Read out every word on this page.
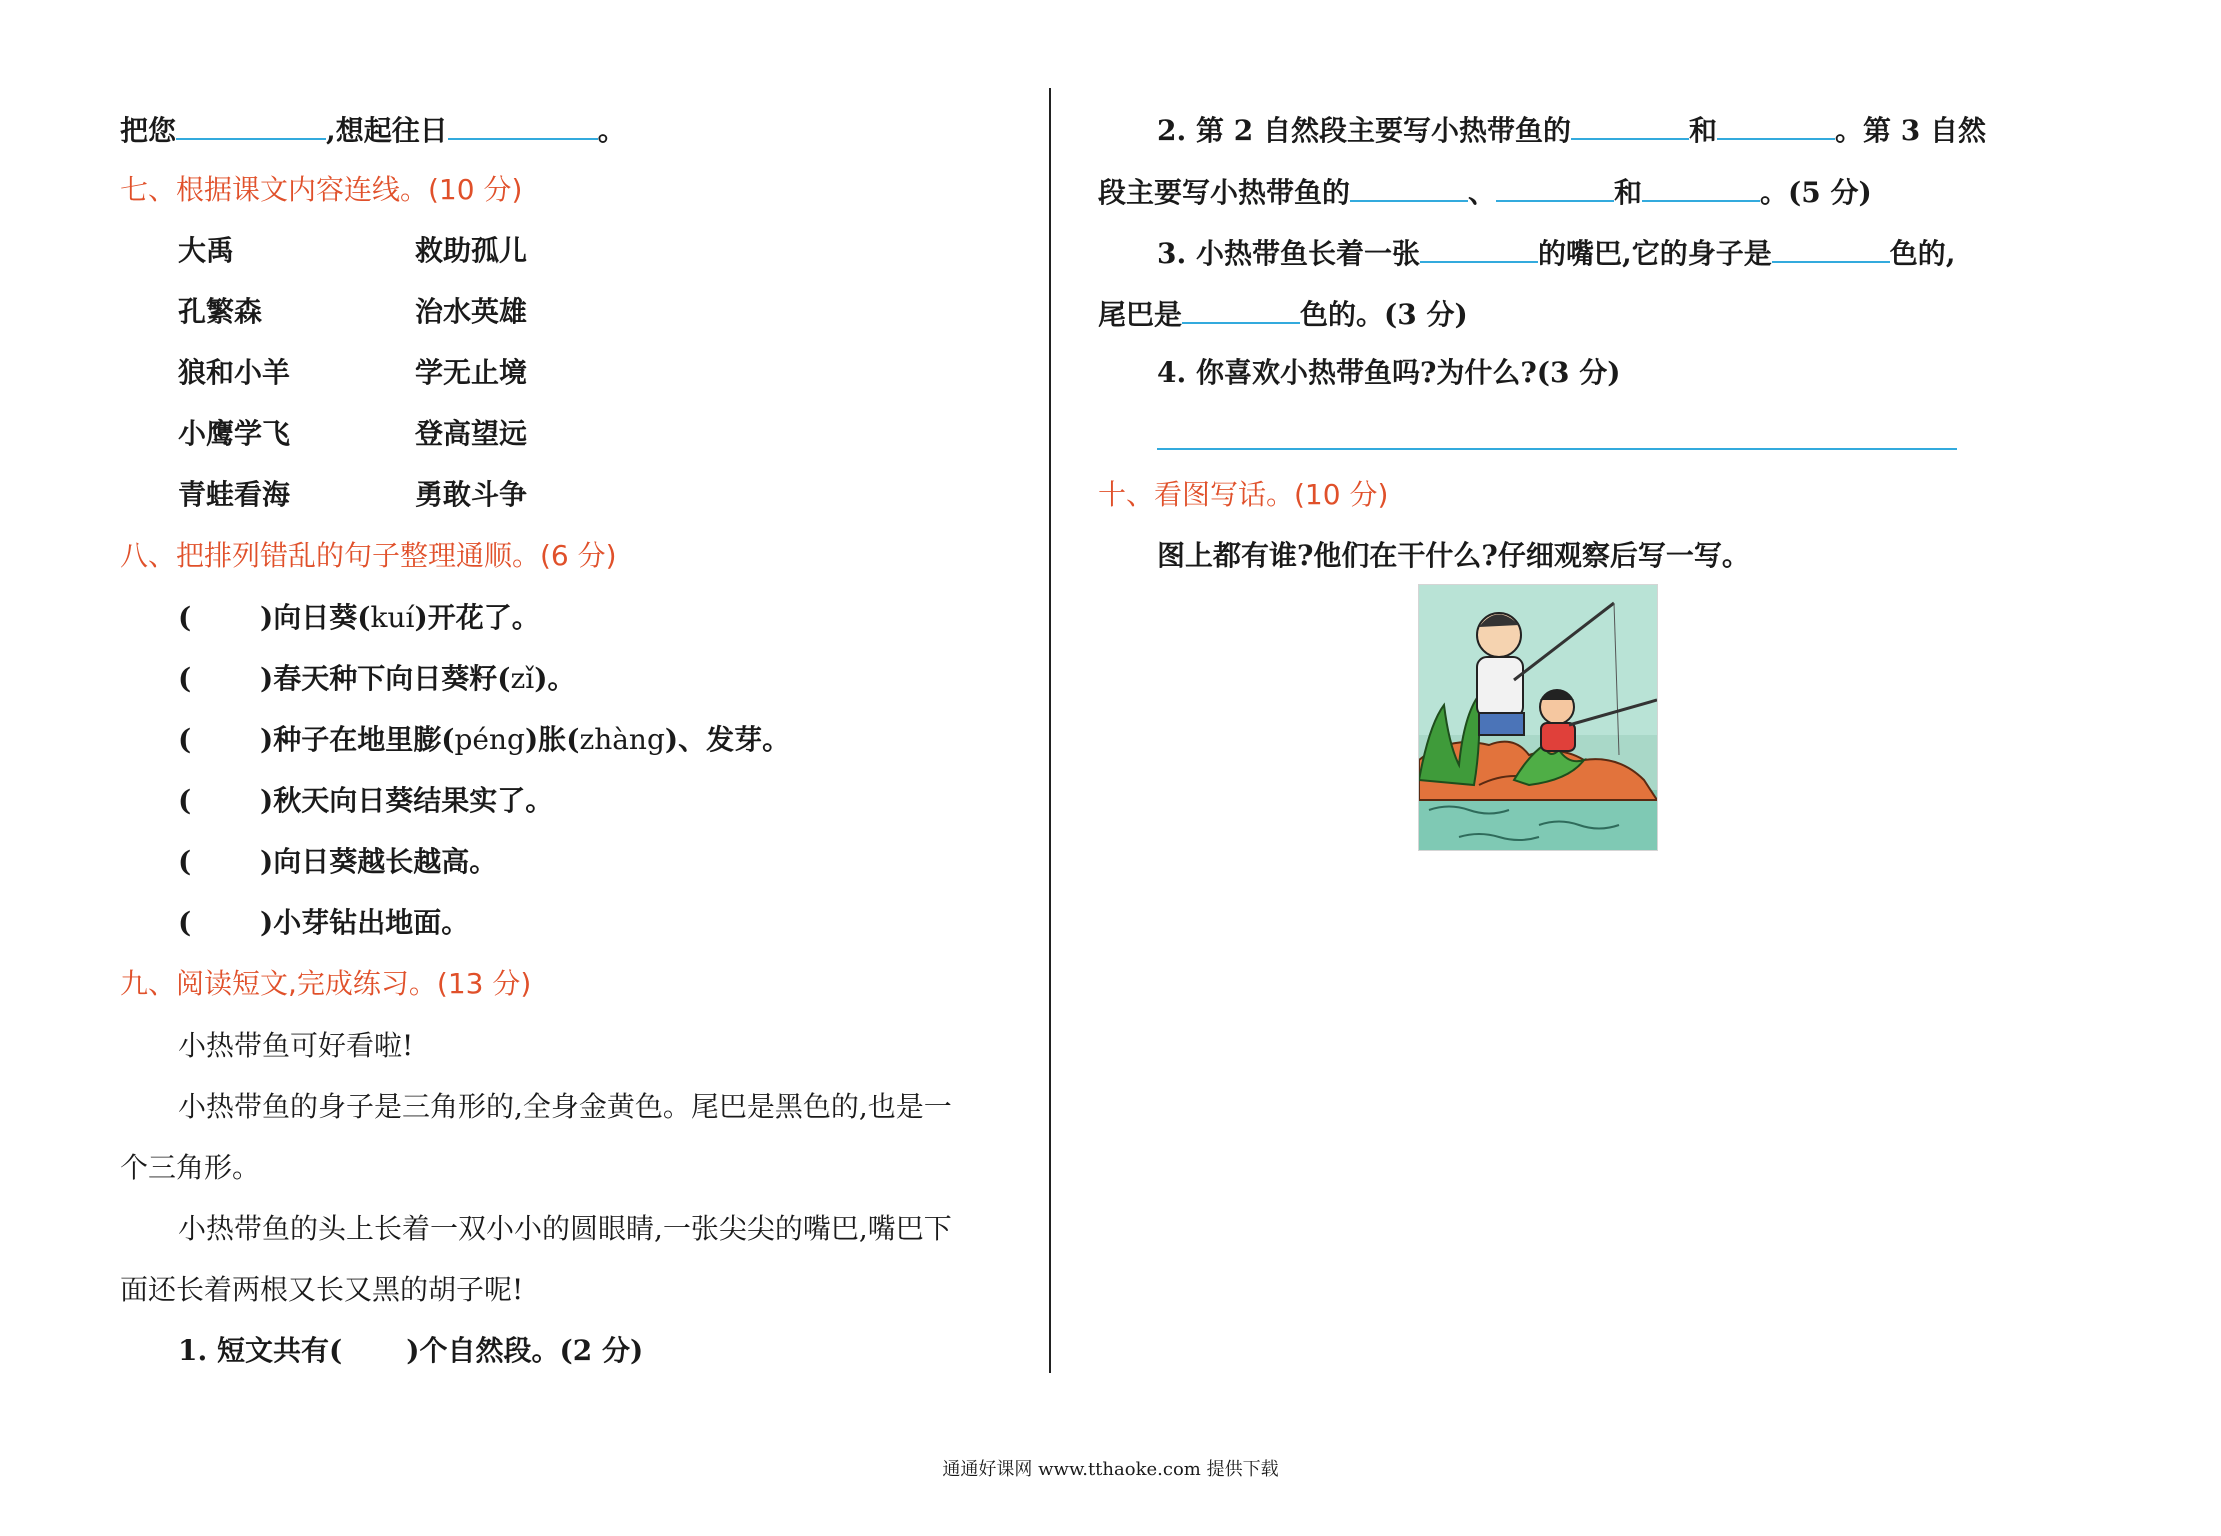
把您	,想起往日	。
七、根据课文内容连线。(10 分)
大禹	救助孤儿
孔繁森	治水英雄
狼和小羊	学无止境
小鹰学飞	登高望远
青蛙看海	勇敢斗争
八、把排列错乱的句子整理通顺。(6 分)
( )向日葵(kuí)开花了。
( )春天种下向日葵籽(zǐ)。
( )种子在地里膨(péng)胀(zhàng)、发芽。
( )秋天向日葵结果实了。
( )向日葵越长越高。
( )小芽钻出地面。
九、阅读短文,完成练习。(13 分)
小热带鱼可好看啦!
小热带鱼的身子是三角形的,全身金黄色。尾巴是黑色的,也是一
个三角形。
小热带鱼的头上长着一双小小的圆眼睛,一张尖尖的嘴巴,嘴巴下
面还长着两根又长又黑的胡子呢!
1. 短文共有( )个自然段。(2 分)
2. 第 2 自然段主要写小热带鱼的	和	。第 3 自然
段主要写小热带鱼的	、	和	。(5 分)
3. 小热带鱼长着一张	的嘴巴,它的身子是	色的,
尾巴是	色的。(3 分)
4. 你喜欢小热带鱼吗?为什么?(3 分)
十、看图写话。(10 分)
图上都有谁?他们在干什么?仔细观察后写一写。
通通好课网 www.tthaoke.com 提供下载
